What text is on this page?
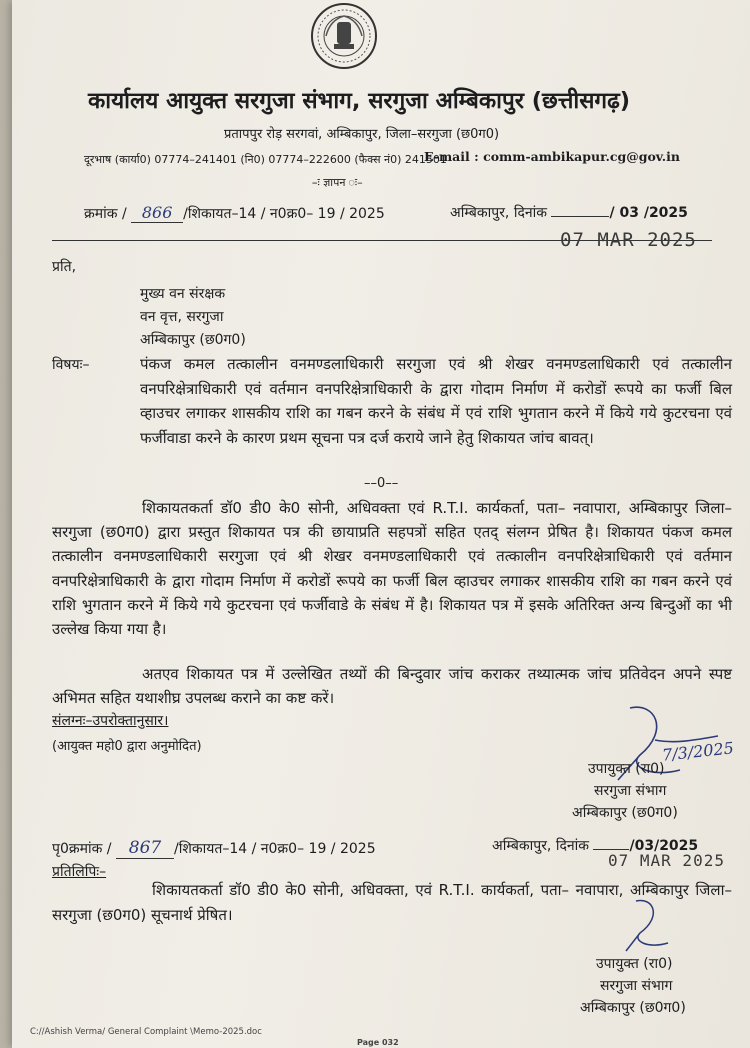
कार्यालय आयुक्त सरगुजा संभाग, सरगुजा अम्बिकापुर (छत्तीसगढ़)
प्रतापपुर रोड़ सरगवां, अम्बिकापुर, जिला–सरगुजा (छ0ग0)
दूरभाष (कार्या0) 07774–241401 (नि0) 07774–222600 (फैक्स नं0) 241501
E-mail : comm-ambikapur.cg@gov.in
–ः ज्ञापन ः–
क्रमांक / 866 /शिकायत–14 / न0क्र0– 19 / 2025	अम्बिकापुर, दिनांक	/ 03 /2025
07 MAR 2025
प्रति,
मुख्य वन संरक्षक
वन वृत्त, सरगुजा
अम्बिकापुर (छ0ग0)
विषयः–	पंकज कमल तत्कालीन वनमण्डलाधिकारी सरगुजा एवं श्री शेखर वनमण्डलाधिकारी एवं तत्कालीन वनपरिक्षेत्राधिकारी एवं वर्तमान वनपरिक्षेत्राधिकारी के द्वारा गोदाम निर्माण में करोडों रूपये का फर्जी बिल व्हाउचर लगाकर शासकीय राशि का गबन करने के संबंध में एवं राशि भुगतान करने में किये गये कुटरचना एवं फर्जीवाडा करने के कारण प्रथम सूचना पत्र दर्ज कराये जाने हेतु शिकायत जांच बावत्।
––0––
शिकायतकर्ता डॉ0 डी0 के0 सोनी, अधिवक्ता एवं R.T.I. कार्यकर्ता, पता– नवापारा, अम्बिकापुर जिला– सरगुजा (छ0ग0) द्वारा प्रस्तुत शिकायत पत्र की छायाप्रति सहपत्रों सहित एतद् संलग्न प्रेषित है। शिकायत पंकज कमल तत्कालीन वनमण्डलाधिकारी सरगुजा एवं श्री शेखर वनमण्डलाधिकारी एवं तत्कालीन वनपरिक्षेत्राधिकारी एवं वर्तमान वनपरिक्षेत्राधिकारी के द्वारा गोदाम निर्माण में करोडों रूपये का फर्जी बिल व्हाउचर लगाकर शासकीय राशि का गबन करने एवं राशि भुगतान करने में किये गये कुटरचना एवं फर्जीवाडे के संबंध में है। शिकायत पत्र में इसके अतिरिक्त अन्य बिन्दुओं का भी उल्लेख किया गया है।
अतएव शिकायत पत्र में उल्लेखित तथ्यों की बिन्दुवार जांच कराकर तथ्यात्मक जांच प्रतिवेदन अपने स्पष्ट अभिमत सहित यथाशीघ्र उपलब्ध कराने का कष्ट करें।
संलग्नः–उपरोक्तानुसार।
(आयुक्त महो0 द्वारा अनुमोदित)	7/3/2025
उपायुक्त (रा0)
सरगुजा संभाग
अम्बिकापुर (छ0ग0)
पृ0क्रमांक / 867 /शिकायत–14 / न0क्र0– 19 / 2025	अम्बिकापुर, दिनांक	/03/2025
07 MAR 2025
प्रतिलिपिः–
शिकायतकर्ता डॉ0 डी0 के0 सोनी, अधिवक्ता, एवं R.T.I. कार्यकर्ता, पता– नवापारा, अम्बिकापुर जिला– सरगुजा (छ0ग0) सूचनार्थ प्रेषित।
उपायुक्त (रा0)
सरगुजा संभाग
अम्बिकापुर (छ0ग0)
C://Ashish Verma/ General Complaint \Memo-2025.doc
Page 032
